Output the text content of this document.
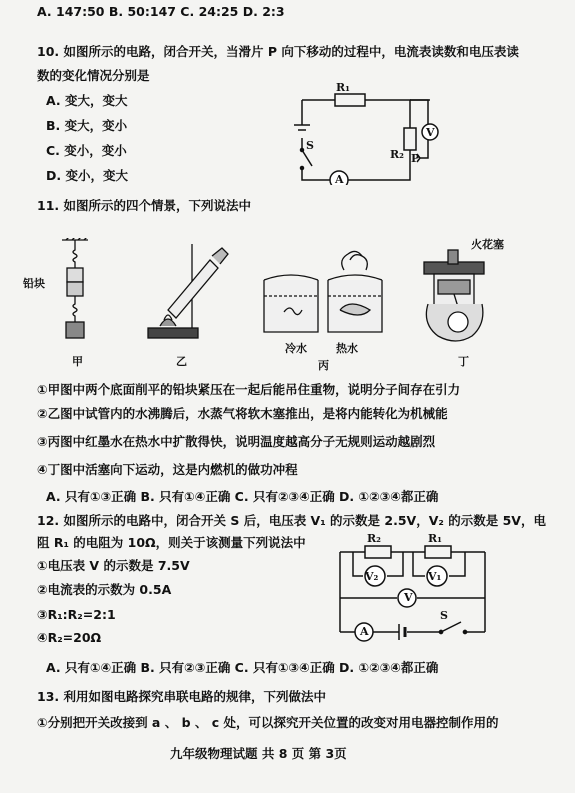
A. 147:50 B. 50:147 C. 24:25 D. 2:3
10. 如图所示的电路，闭合开关，当滑片 P 向下移动的过程中，电流表读数和电压表读
数的变化情况分别是
A. 变大，变大
B. 变大，变小
C. 变小，变小
D. 变小，变大
R₁
R₂ P
S
V
A
11. 如图所示的四个情景，下列说法中
铅块
冷水	热水
火花塞
甲	乙	丙	丁
①甲图中两个底面削平的铅块紧压在一起后能吊住重物，说明分子间存在引力
②乙图中试管内的水沸腾后，水蒸气将软木塞推出，是将内能转化为机械能
③丙图中红墨水在热水中扩散得快，说明温度越高分子无规则运动越剧烈
④丁图中活塞向下运动，这是内燃机的做功冲程
A. 只有①③正确 B. 只有①④正确 C. 只有②③④正确 D. ①②③④都正确
12. 如图所示的电路中，闭合开关 S 后，电压表 V₁ 的示数是 2.5V，V₂ 的示数是 5V，电
阻 R₁ 的电阻为 10Ω，则关于该测量下列说法中
①电压表 V 的示数是 7.5V
②电流表的示数为 0.5A
③R₁:R₂=2:1
④R₂=20Ω
A. 只有①④正确 B. 只有②③正确 C. 只有①③④正确 D. ①②③④都正确
R₂	R₁
V₂	V₁
V
A
S
13. 利用如图电路探究串联电路的规律，下列做法中
①分别把开关改接到 a 、 b 、 c 处，可以探究开关位置的改变对用电器控制作用的
九年级物理试题 共 8 页 第 3页
